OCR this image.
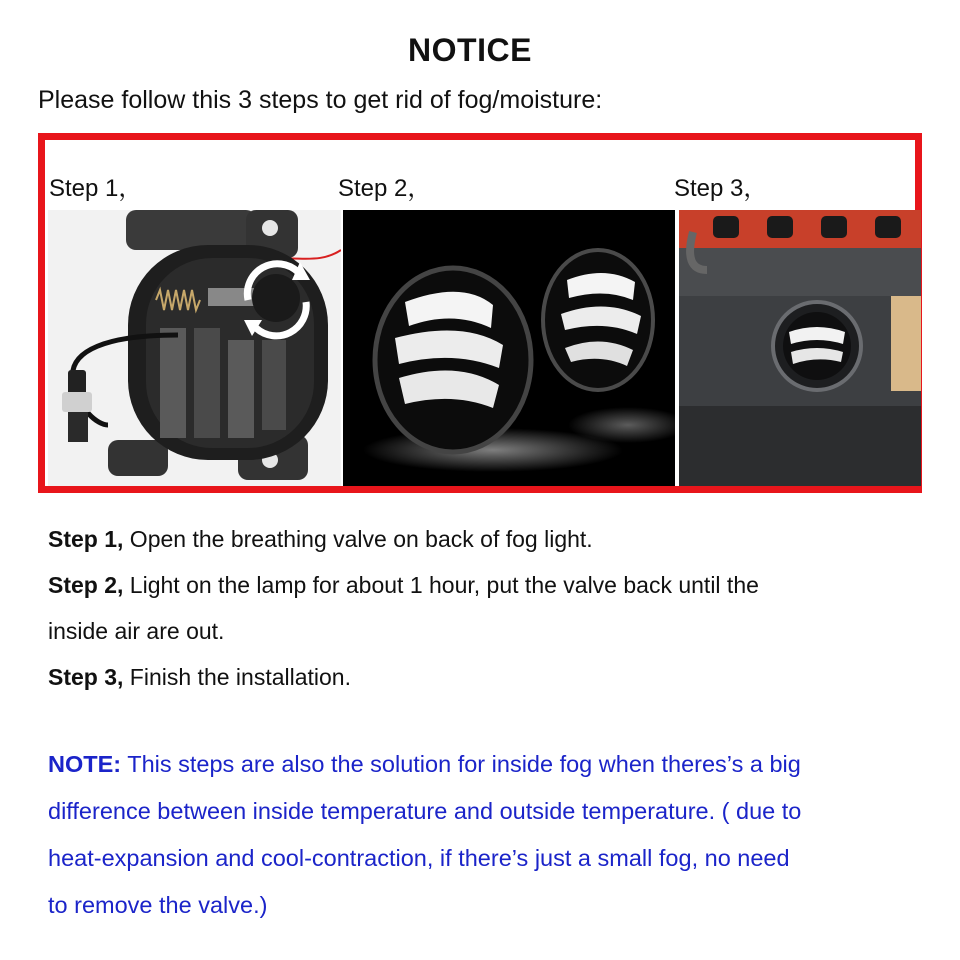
NOTICE
Please follow this 3 steps to get rid of fog/moisture:
Step 1，	Step 2，	Step 3，
Step 1, Open the breathing valve on back of fog light.
Step 2, Light on the lamp for about 1 hour, put the valve back until the
inside air are out.
Step 3, Finish the installation.

NOTE: This steps are also the solution for inside fog when theres’s a big

difference between inside temperature and outside temperature. ( due to

heat-expansion and cool-contraction, if there’s just a small fog, no need

to remove the valve.)
